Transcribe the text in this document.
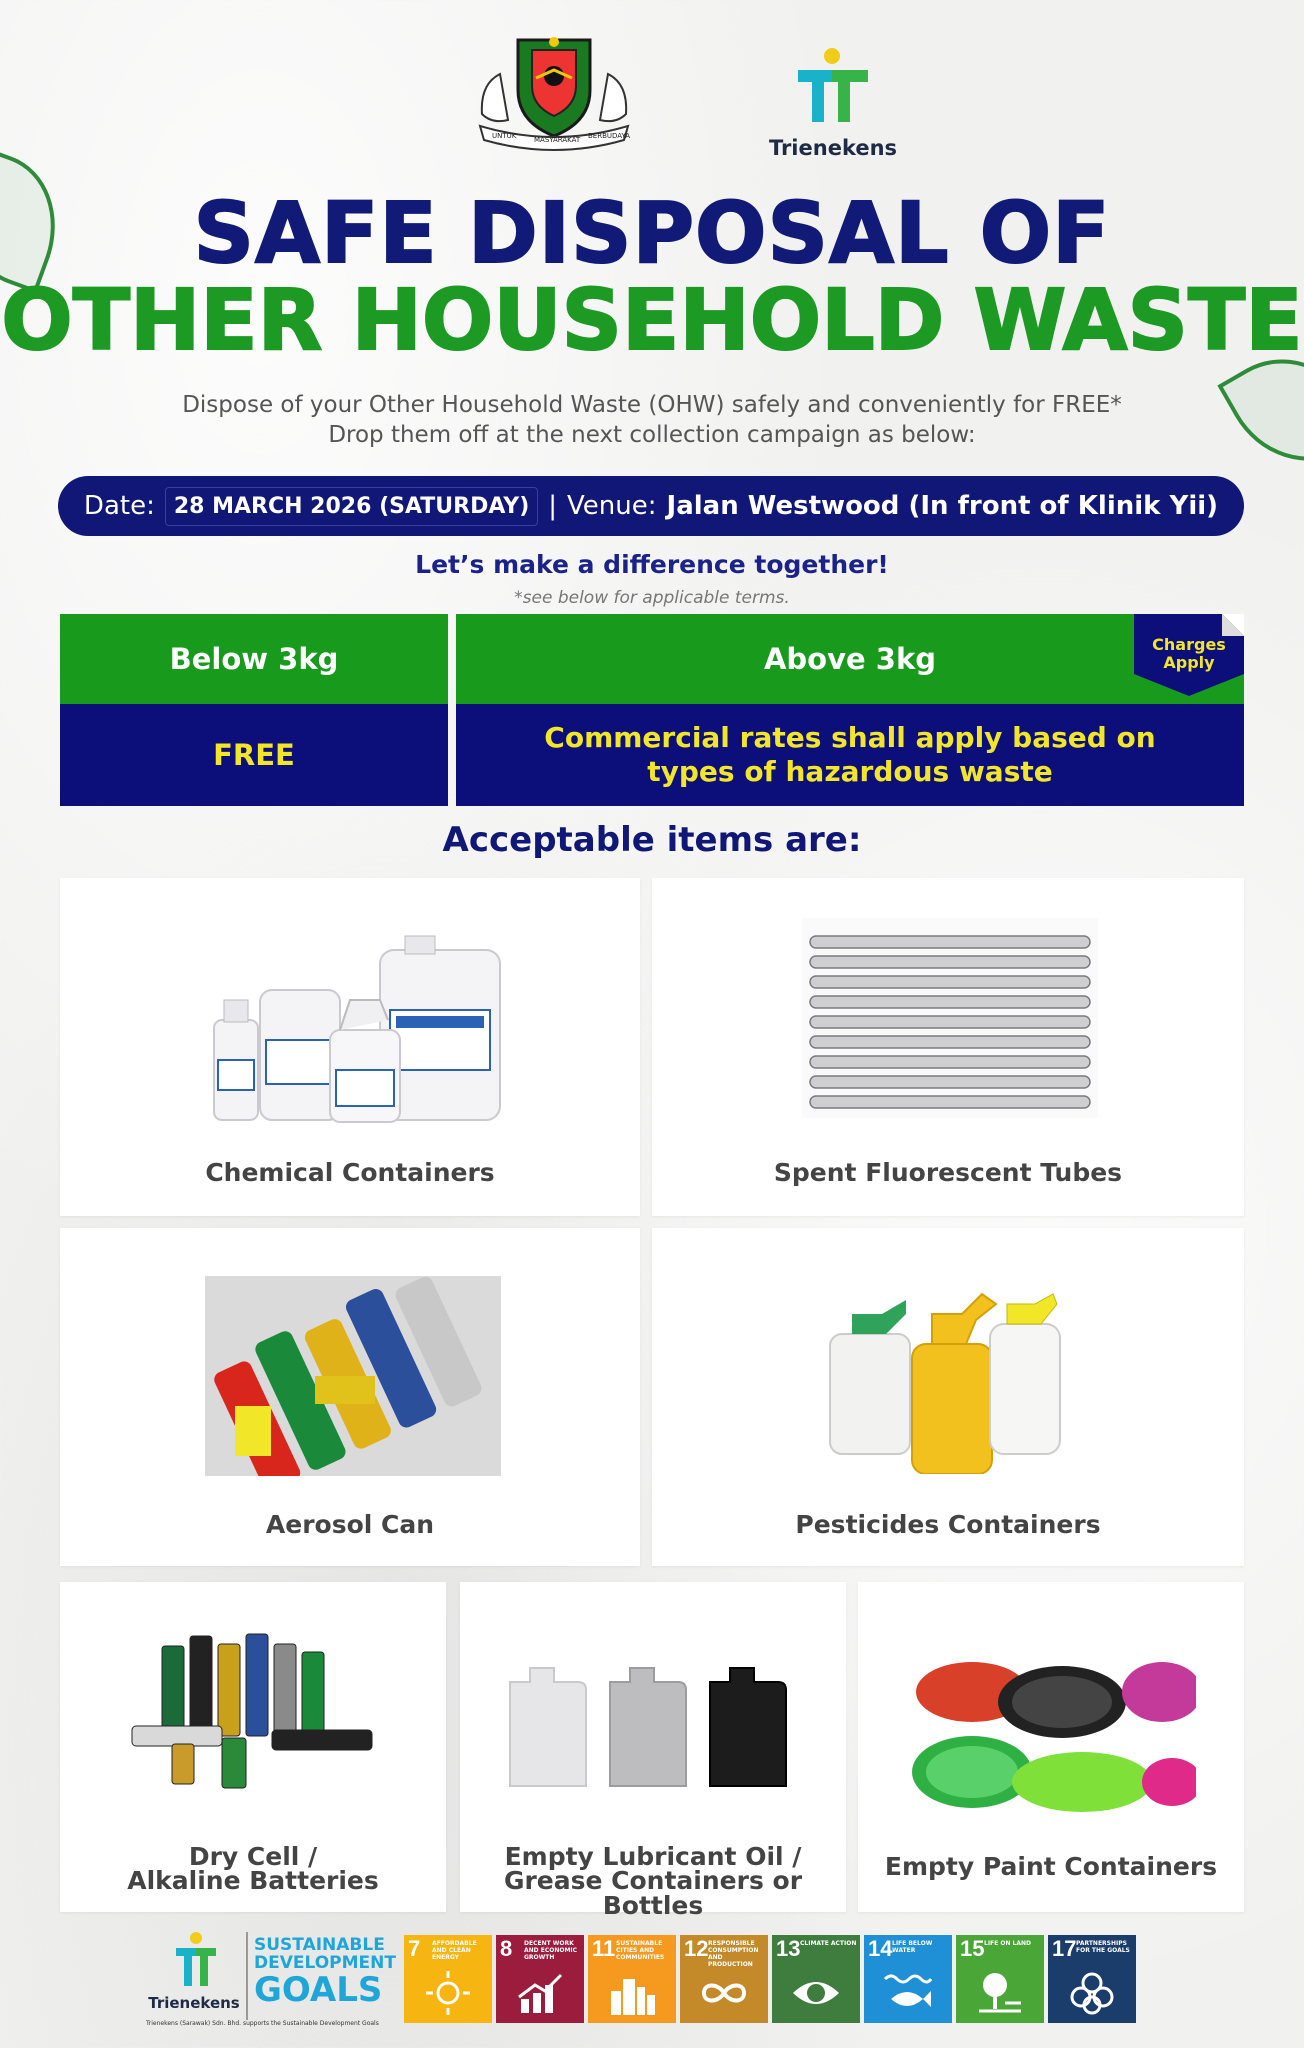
UNTUK	MASYARAKAT BERBUDAYA	Trienekens
SAFE DISPOSAL OF
OTHER HOUSEHOLD WASTE
Dispose of your Other Household Waste (OHW) safely and conveniently for FREE*
Drop them off at the next collection campaign as below:
Date: 28 MARCH 2026 (SATURDAY) | Venue: Jalan Westwood (In front of Klinik Yii)
Let’s make a difference together!
*see below for applicable terms.
Below 3kg	Above 3kg	Charges Apply
FREE
Commercial rates shall apply based on types of hazardous waste
Acceptable items are:
Chemical Containers	Spent Fluorescent Tubes
Aerosol Can	Pesticides Containers
Dry Cell /
Alkaline Batteries
Empty Lubricant Oil /
Grease Containers or Bottles
Empty Paint Containers
Trienekens
Trienekens (Sarawak) Sdn. Bhd. supports the Sustainable Development Goals
SUSTAINABLE DEVELOPMENT
GOALS
7 AFFORDABLE AND CLEAN ENERGY	8 DECENT WORK AND ECONOMIC GROWTH	11 SUSTAINABLE CITIES AND COMMUNITIES 12 RESPONSIBLE CONSUMPTION AND PRODUCTION
13 CLIMATE ACTION 14 LIFE BELOW WATER	15 LIFE ON LAND 17 PARTNERSHIPS FOR THE GOALS
